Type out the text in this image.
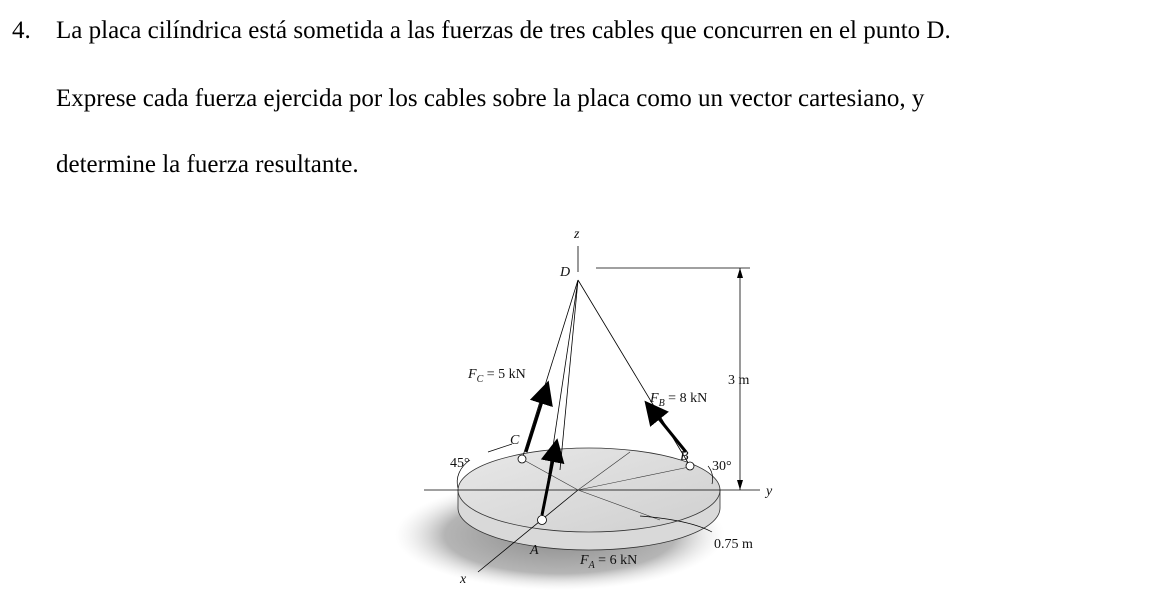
4. La placa cilíndrica está sometida a las fuerzas de tres cables que concurren en el punto D.
Exprese cada fuerza ejercida por los cables sobre la placa como un vector cartesiano, y
determine la fuerza resultante.
z
D
y
x
A
B
C
$F_C = 5$ kN
$F_B = 8$ kN
$F_A = 6$ kN
3 m
0.75 m
45°	30°
